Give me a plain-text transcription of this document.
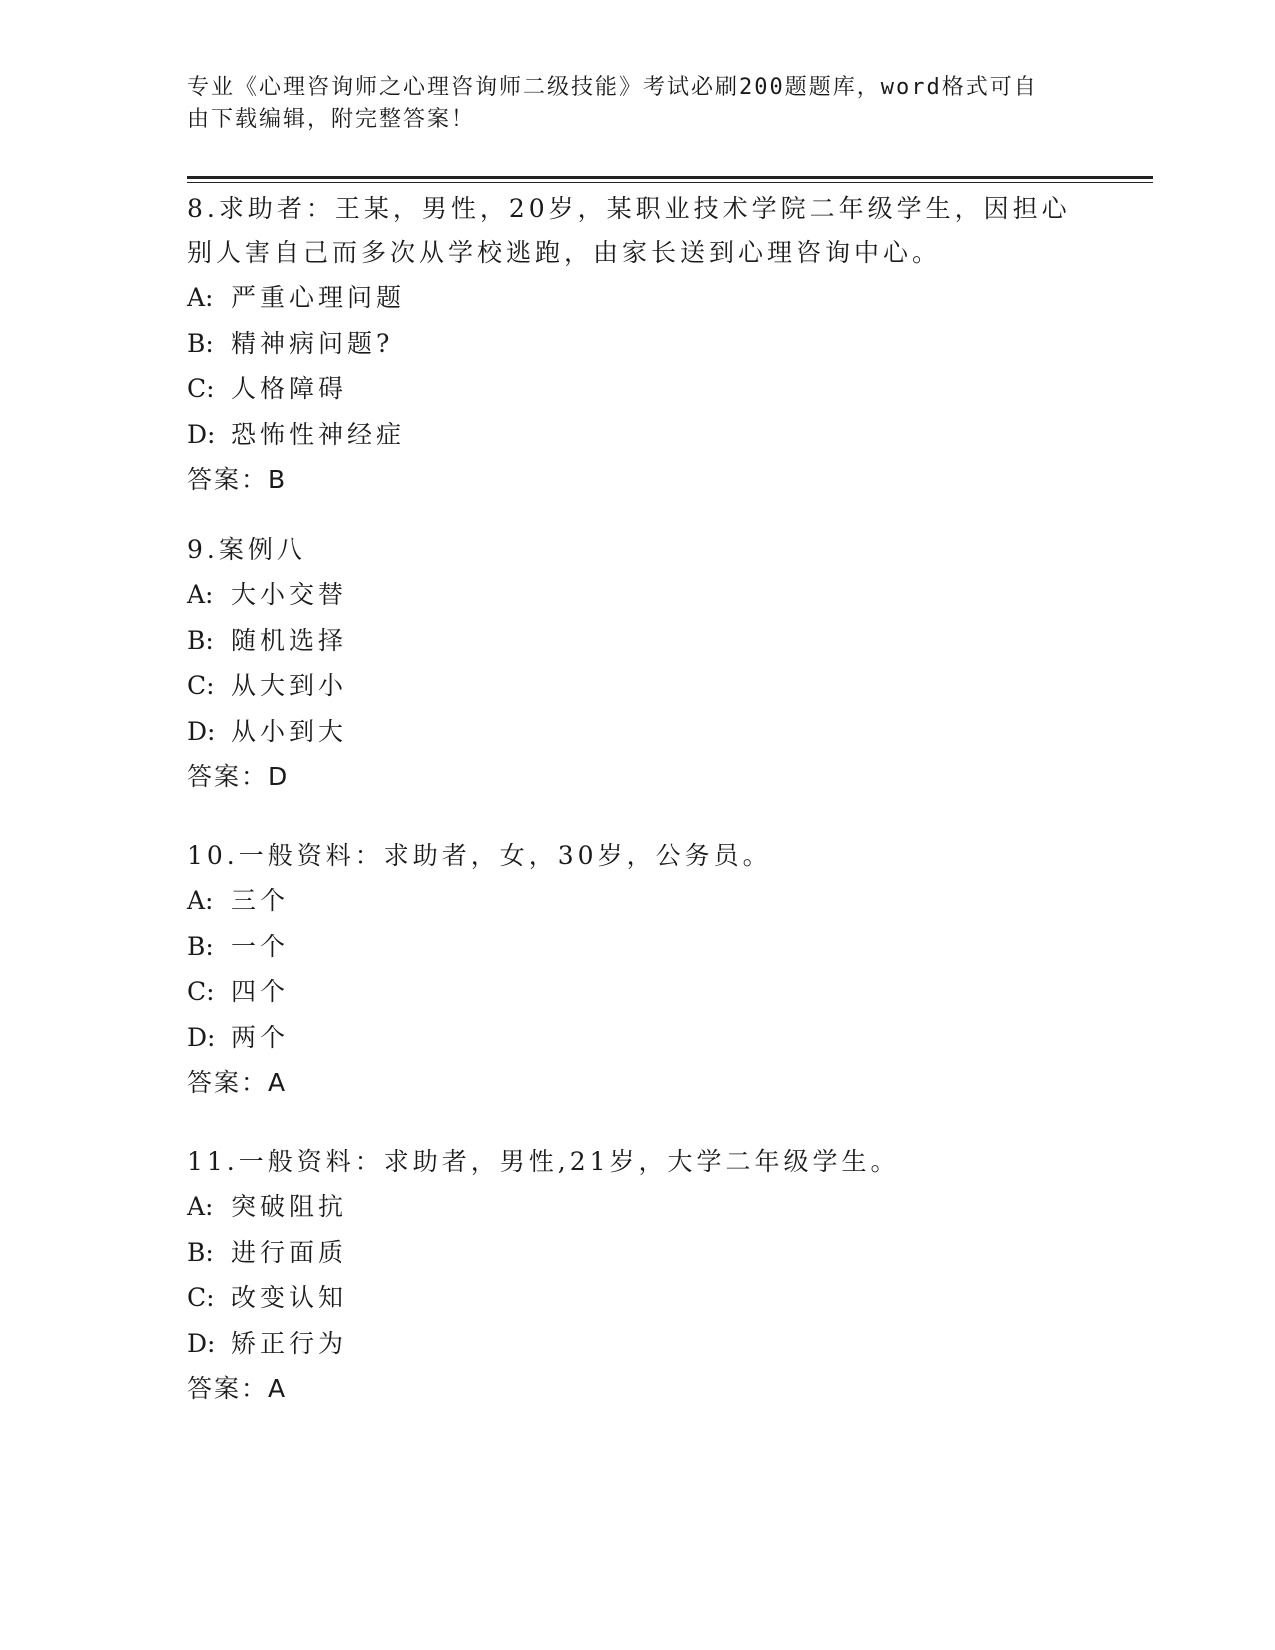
专业《心理咨询师之心理咨询师二级技能》考试必刷200题题库，word格式可自

由下载编辑，附完整答案！

8.求助者：王某，男性，20岁，某职业技术学院二年级学生，因担心

别人害自己而多次从学校逃跑，由家长送到心理咨询中心。

A: 严重心理问题

B: 精神病问题?

C: 人格障碍

D: 恐怖性神经症

答案：B

9.案例八

A: 大小交替

B: 随机选择

C: 从大到小

D: 从小到大

答案：D

10.一般资料：求助者，女，30岁，公务员。

A: 三个

B: 一个

C: 四个

D: 两个

答案：A

11.一般资料：求助者，男性,21岁，大学二年级学生。

A: 突破阻抗

B: 进行面质

C: 改变认知

D: 矫正行为

答案：A
